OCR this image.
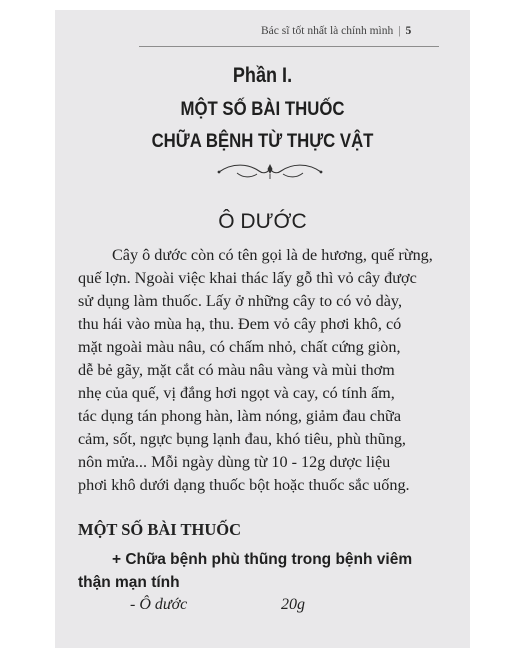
Bác sĩ tốt nhất là chính mình | 5
Phần I.
MỘT SỐ BÀI THUỐC
CHỮA BỆNH TỪ THỰC VẬT
Ô DƯỚC
Cây ô dước còn có tên gọi là de hương, quế rừng,
quế lợn. Ngoài việc khai thác lấy gỗ thì vỏ cây được
sử dụng làm thuốc. Lấy ở những cây to có vỏ dày,
thu hái vào mùa hạ, thu. Đem vỏ cây phơi khô, có
mặt ngoài màu nâu, có chấm nhỏ, chất cứng giòn,
dễ bẻ gãy, mặt cắt có màu nâu vàng và mùi thơm
nhẹ của quế, vị đắng hơi ngọt và cay, có tính ấm,
tác dụng tán phong hàn, làm nóng, giảm đau chữa
cảm, sốt, ngực bụng lạnh đau, khó tiêu, phù thũng,
nôn mửa... Mỗi ngày dùng từ 10 - 12g dược liệu
phơi khô dưới dạng thuốc bột hoặc thuốc sắc uống.
MỘT SỐ BÀI THUỐC
+ Chữa bệnh phù thũng trong bệnh viêm
thận mạn tính
- Ô dước	20g
